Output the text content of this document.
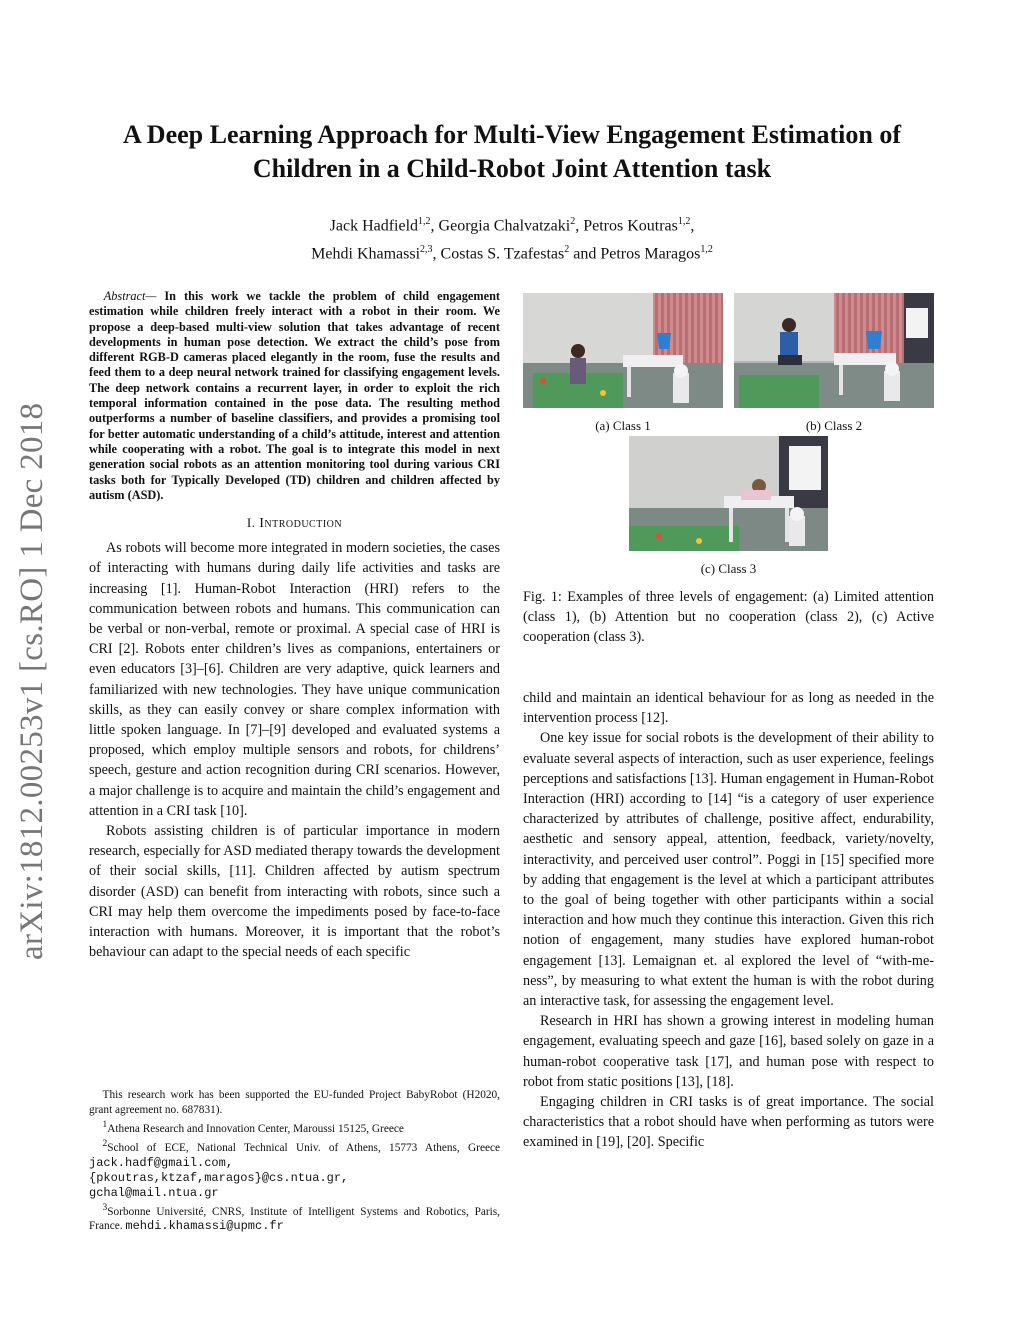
A Deep Learning Approach for Multi-View Engagement Estimation of
Children in a Child-Robot Joint Attention task
Jack Hadfield$^{1,2}$, Georgia Chalvatzaki$^2$, Petros Koutras$^{1,2}$,
Mehdi Khamassi$^{2,3}$, Costas S. Tzafestas$^2$ and Petros Maragos$^{1,2}$
arXiv:1812.00253v1 [cs.RO] 1 Dec 2018

Abstract— In this work we tackle the problem of child engagement estimation while children freely interact with a robot in their room. We propose a deep-based multi-view solution that takes advantage of recent developments in human pose detection. We extract the child’s pose from different RGB-D cameras placed elegantly in the room, fuse the results and feed them to a deep neural network trained for classifying engagement levels. The deep network contains a recurrent layer, in order to exploit the rich temporal information contained in the pose data. The resulting method outperforms a number of baseline classifiers, and provides a promising tool for better automatic understanding of a child’s attitude, interest and attention while cooperating with a robot. The goal is to integrate this model in next generation social robots as an attention monitoring tool during various CRI tasks both for Typically Developed (TD) children and children affected by autism (ASD).

I. Introduction

As robots will become more integrated in modern societies, the cases of interacting with humans during daily life activities and tasks are increasing [1]. Human-Robot Interaction (HRI) refers to the communication between robots and humans. This communication can be verbal or non-verbal, remote or proximal. A special case of HRI is CRI [2]. Robots enter children’s lives as companions, entertainers or even educators [3]–[6]. Children are very adaptive, quick learners and familiarized with new technologies. They have unique communication skills, as they can easily convey or share complex information with little spoken language. In [7]–[9] developed and evaluated systems a proposed, which employ multiple sensors and robots, for childrens’ speech, gesture and action recognition during CRI scenarios. However, a major challenge is to acquire and maintain the child’s engagement and attention in a CRI task [10].

Robots assisting children is of particular importance in modern research, especially for ASD mediated therapy towards the development of their social skills, [11]. Children affected by autism spectrum disorder (ASD) can benefit from interacting with robots, since such a CRI may help them overcome the impediments posed by face-to-face interaction with humans. Moreover, it is important that the robot’s behaviour can adapt to the special needs of each specific

This research work has been supported the EU-funded Project BabyRobot (H2020, grant agreement no. 687831).
$^1$Athena Research and Innovation Center, Maroussi 15125, Greece
$^2$School of ECE, National Technical Univ. of Athens, 15773 Athens, Greece jack.hadf@gmail.com,
{pkoutras,ktzaf,maragos}@cs.ntua.gr,
gchal@mail.ntua.gr
$^3$Sorbonne Université, CNRS, Institute of Intelligent Systems and Robotics, Paris, France. mehdi.khamassi@upmc.fr
(a) Class 1	(b) Class 2
(c) Class 3
Fig. 1: Examples of three levels of engagement: (a) Limited attention (class 1), (b) Attention but no cooperation (class 2), (c) Active cooperation (class 3).

child and maintain an identical behaviour for as long as needed in the intervention process [12].

One key issue for social robots is the development of their ability to evaluate several aspects of interaction, such as user experience, feelings perceptions and satisfactions [13]. Human engagement in Human-Robot Interaction (HRI) according to [14] “is a category of user experience characterized by attributes of challenge, positive affect, endurability, aesthetic and sensory appeal, attention, feedback, variety/novelty, interactivity, and perceived user control”. Poggi in [15] specified more by adding that engagement is the level at which a participant attributes to the goal of being together with other participants within a social interaction and how much they continue this interaction. Given this rich notion of engagement, many studies have explored human-robot engagement [13]. Lemaignan et. al explored the level of “with-me-ness”, by measuring to what extent the human is with the robot during an interactive task, for assessing the engagement level.

Research in HRI has shown a growing interest in modeling human engagement, evaluating speech and gaze [16], based solely on gaze in a human-robot cooperative task [17], and human pose with respect to robot from static positions [13], [18].

Engaging children in CRI tasks is of great importance. The social characteristics that a robot should have when performing as tutors were examined in [19], [20]. Specific
